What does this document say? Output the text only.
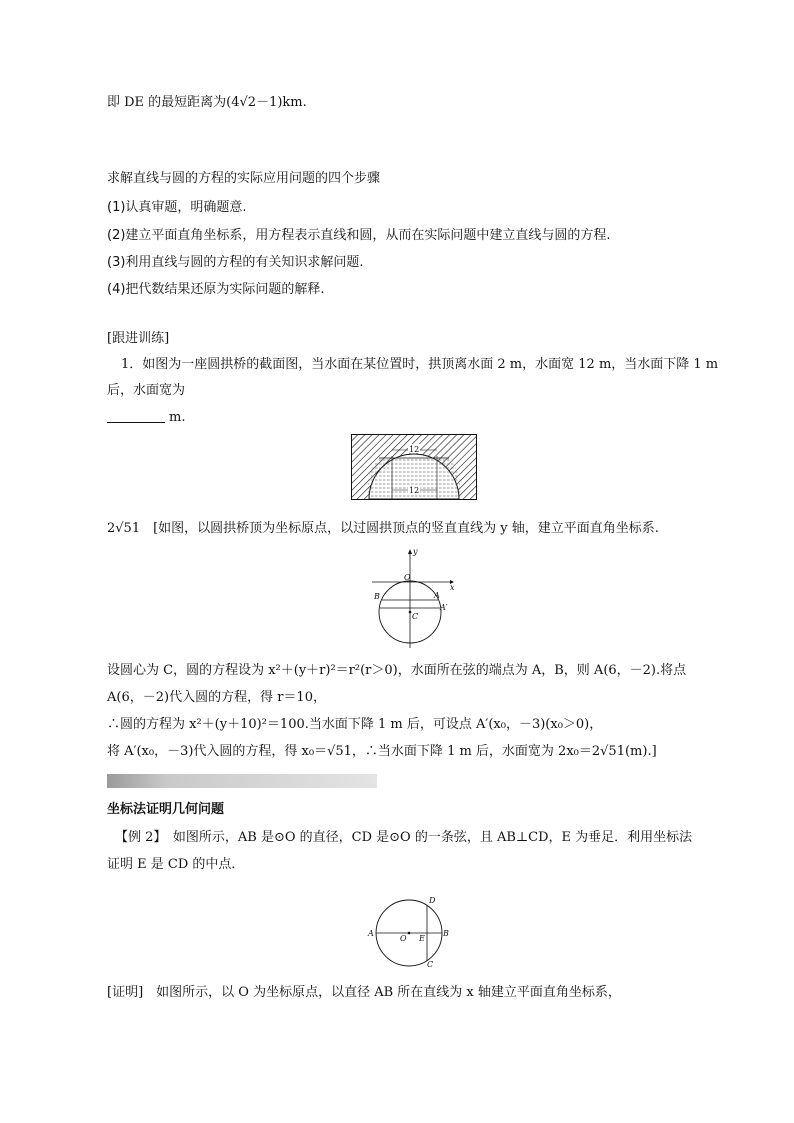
即 DE 的最短距离为(4√2－1)km.
求解直线与圆的方程的实际应用问题的四个步骤
(1)认真审题，明确题意.
(2)建立平面直角坐标系，用方程表示直线和圆，从而在实际问题中建立直线与圆的方程.
(3)利用直线与圆的方程的有关知识求解问题.
(4)把代数结果还原为实际问题的解释.
[跟进训练]
1．如图为一座圆拱桥的截面图，当水面在某位置时，拱顶离水面 2 m，水面宽 12 m，当水面下降 1 m
后，水面宽为
m.
12
12
2√51　[如图，以圆拱桥顶为坐标原点，以过圆拱顶点的竖直直线为 y 轴，建立平面直角坐标系.
y
x
O
B	A
A′
C
设圆心为 C，圆的方程设为 x²＋(y＋r)²＝r²(r＞0)，水面所在弦的端点为 A，B，则 A(6，－2).将点
A(6，－2)代入圆的方程，得 r＝10，
∴圆的方程为 x²＋(y＋10)²＝100.当水面下降 1 m 后，可设点 A′(x₀，－3)(x₀＞0)，
将 A′(x₀，－3)代入圆的方程，得 x₀＝√51，∴当水面下降 1 m 后，水面宽为 2x₀＝2√51(m).]
坐标法证明几何问题
【例 2】　如图所示，AB 是⊙O 的直径，CD 是⊙O 的一条弦，且 AB⊥CD，E 为垂足．利用坐标法
证明 E 是 CD 的中点．
A
O E
B
D
C
[证明]　如图所示，以 O 为坐标原点，以直径 AB 所在直线为 x 轴建立平面直角坐标系，
